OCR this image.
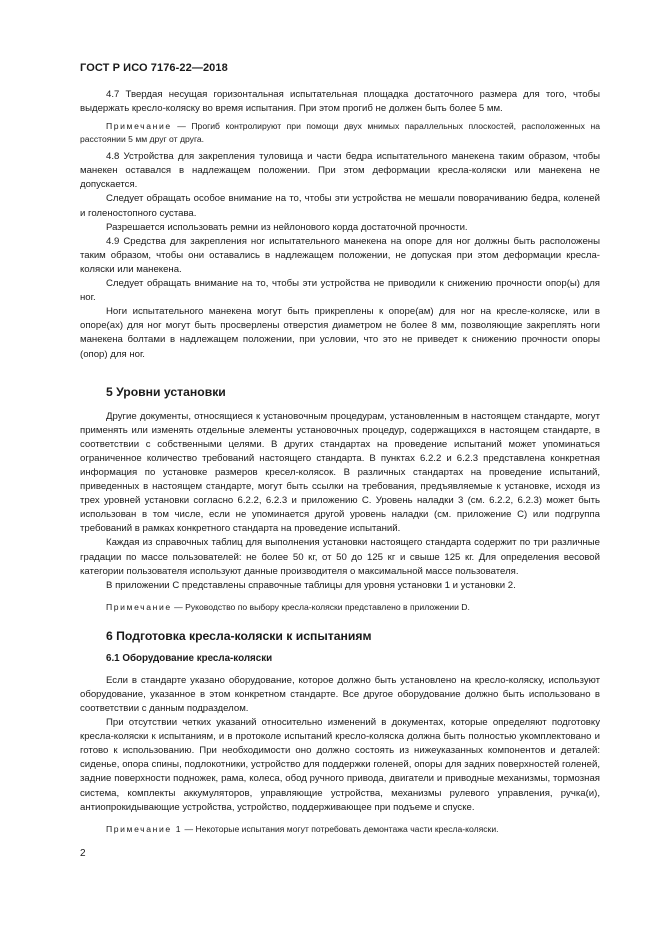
ГОСТ Р ИСО 7176-22—2018

4.7 Твердая несущая горизонтальная испытательная площадка достаточного размера для того, чтобы выдержать кресло-коляску во время испытания. При этом прогиб не должен быть более 5 мм.

Примечание — Прогиб контролируют при помощи двух мнимых параллельных плоскостей, расположенных на расстоянии 5 мм друг от друга.

4.8 Устройства для закрепления туловища и части бедра испытательного манекена таким образом, чтобы манекен оставался в надлежащем положении. При этом деформации кресла-коляски или манекена не допускается.

Следует обращать особое внимание на то, чтобы эти устройства не мешали поворачиванию бедра, коленей и голеностопного сустава.

Разрешается использовать ремни из нейлонового корда достаточной прочности.

4.9 Средства для закрепления ног испытательного манекена на опоре для ног должны быть расположены таким образом, чтобы они оставались в надлежащем положении, не допуская при этом деформации кресла-коляски или манекена.

Следует обращать внимание на то, чтобы эти устройства не приводили к снижению прочности опор(ы) для ног.

Ноги испытательного манекена могут быть прикреплены к опоре(ам) для ног на кресле-коляске, или в опоре(ах) для ног могут быть просверлены отверстия диаметром не более 8 мм, позволяющие закреплять ноги манекена болтами в надлежащем положении, при условии, что это не приведет к снижению прочности опоры (опор) для ног.

5 Уровни установки

Другие документы, относящиеся к установочным процедурам, установленным в настоящем стандарте, могут применять или изменять отдельные элементы установочных процедур, содержащихся в настоящем стандарте, в соответствии с собственными целями. В других стандартах на проведение испытаний может упоминаться ограниченное количество требований настоящего стандарта. В пунктах 6.2.2 и 6.2.3 представлена конкретная информация по установке размеров кресел-колясок. В различных стандартах на проведение испытаний, приведенных в настоящем стандарте, могут быть ссылки на требования, предъявляемые к установке, исходя из трех уровней установки согласно 6.2.2, 6.2.3 и приложению С. Уровень наладки 3 (см. 6.2.2, 6.2.3) может быть использован в том числе, если не упоминается другой уровень наладки (см. приложение С) или подгруппа требований в рамках конкретного стандарта на проведение испытаний.

Каждая из справочных таблиц для выполнения установки настоящего стандарта содержит по три различные градации по массе пользователей: не более 50 кг, от 50 до 125 кг и свыше 125 кг. Для определения весовой категории пользователя используют данные производителя о максимальной массе пользователя.

В приложении С представлены справочные таблицы для уровня установки 1 и установки 2.

Примечание — Руководство по выбору кресла-коляски представлено в приложении D.

6 Подготовка кресла-коляски к испытаниям
6.1 Оборудование кресла-коляски

Если в стандарте указано оборудование, которое должно быть установлено на кресло-коляску, используют оборудование, указанное в этом конкретном стандарте. Все другое оборудование должно быть использовано в соответствии с данным подразделом.

При отсутствии четких указаний относительно изменений в документах, которые определяют подготовку кресла-коляски к испытаниям, и в протоколе испытаний кресло-коляска должна быть полностью укомплектовано и готово к использованию. При необходимости оно должно состоять из нижеуказанных компонентов и деталей: сиденье, опора спины, подлокотники, устройство для поддержки голеней, опоры для задних поверхностей голеней, задние поверхности подножек, рама, колеса, обод ручного привода, двигатели и приводные механизмы, тормозная система, комплекты аккумуляторов, управляющие устройства, механизмы рулевого управления, ручка(и), антиопрокидывающие устройства, устройство, поддерживающее при подъеме и спуске.

Примечание 1 — Некоторые испытания могут потребовать демонтажа части кресла-коляски.

2
